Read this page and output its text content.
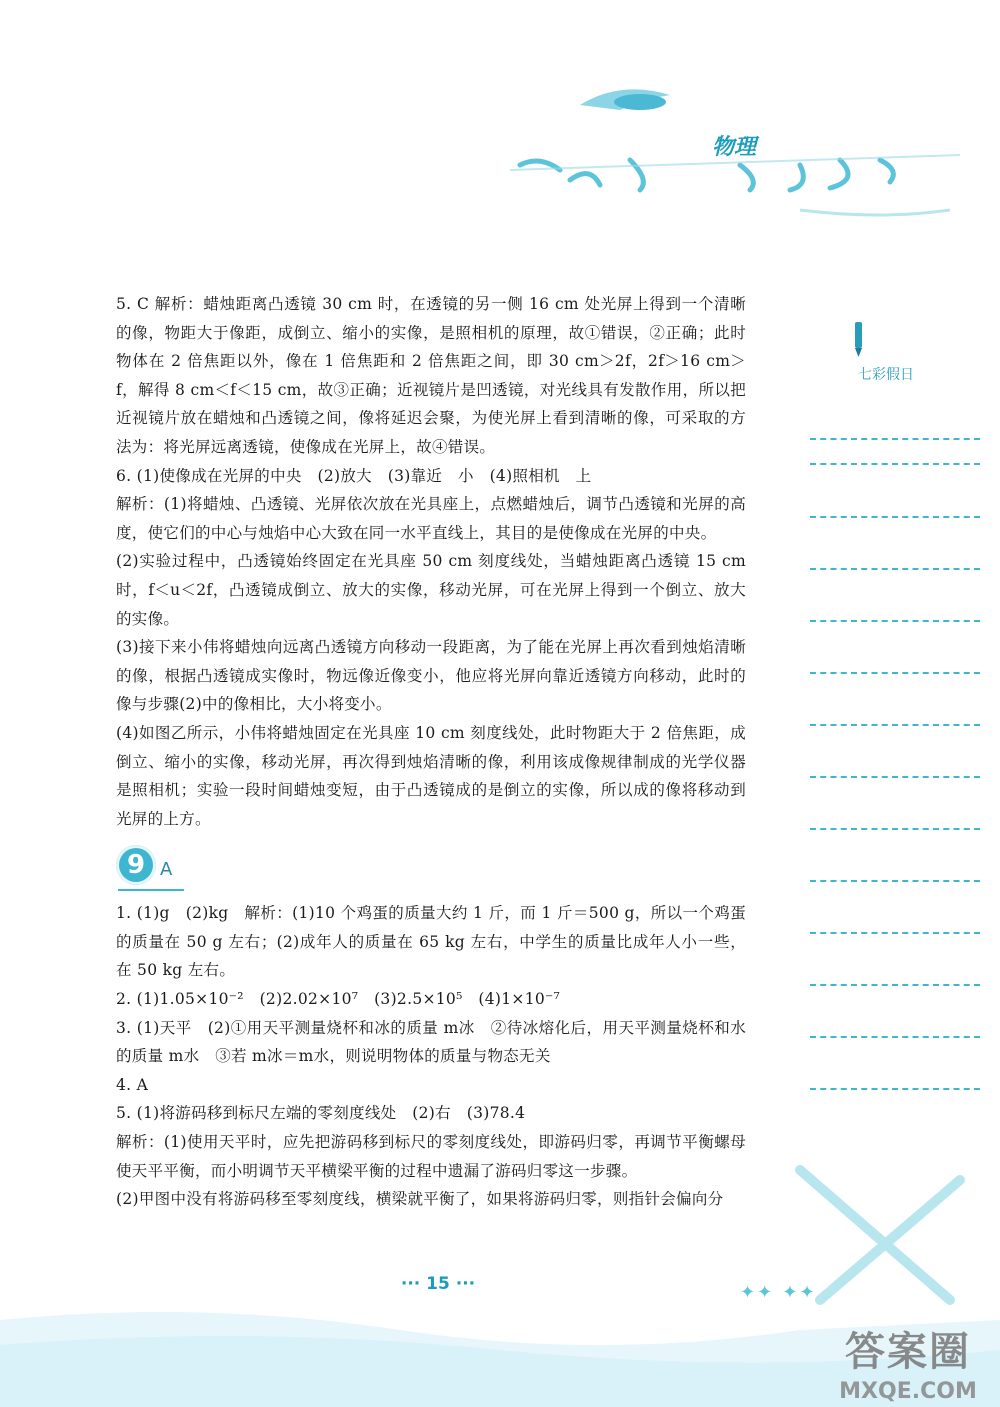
物理

5. C 解析：蜡烛距离凸透镜 30 cm 时，在透镜的另一侧 16 cm 处光屏上得到一个清晰的像，物距大于像距，成倒立、缩小的实像，是照相机的原理，故①错误，②正确；此时物体在 2 倍焦距以外，像在 1 倍焦距和 2 倍焦距之间，即 30 cm＞2f，2f＞16 cm＞f，解得 8 cm＜f＜15 cm，故③正确；近视镜片是凹透镜，对光线具有发散作用，所以把近视镜片放在蜡烛和凸透镜之间，像将延迟会聚，为使光屏上看到清晰的像，可采取的方法为：将光屏远离透镜，使像成在光屏上，故④错误。

6. (1)使像成在光屏的中央　(2)放大　(3)靠近　小　(4)照相机　上

解析：(1)将蜡烛、凸透镜、光屏依次放在光具座上，点燃蜡烛后，调节凸透镜和光屏的高度，使它们的中心与烛焰中心大致在同一水平直线上，其目的是使像成在光屏的中央。

(2)实验过程中，凸透镜始终固定在光具座 50 cm 刻度线处，当蜡烛距离凸透镜 15 cm 时，f＜u＜2f，凸透镜成倒立、放大的实像，移动光屏，可在光屏上得到一个倒立、放大的实像。

(3)接下来小伟将蜡烛向远离凸透镜方向移动一段距离，为了能在光屏上再次看到烛焰清晰的像，根据凸透镜成实像时，物远像近像变小，他应将光屏向靠近透镜方向移动，此时的像与步骤(2)中的像相比，大小将变小。

(4)如图乙所示，小伟将蜡烛固定在光具座 10 cm 刻度线处，此时物距大于 2 倍焦距，成倒立、缩小的实像，移动光屏，再次得到烛焰清晰的像，利用该成像规律制成的光学仪器是照相机；实验一段时间蜡烛变短，由于凸透镜成的是倒立的实像，所以成的像将移动到光屏的上方。

9 A

1. (1)g　(2)kg　解析：(1)10 个鸡蛋的质量大约 1 斤，而 1 斤＝500 g，所以一个鸡蛋的质量在 50 g 左右；(2)成年人的质量在 65 kg 左右，中学生的质量比成年人小一些，在 50 kg 左右。

2. (1)1.05×10⁻²　(2)2.02×10⁷　(3)2.5×10⁵　(4)1×10⁻⁷

3. (1)天平　(2)①用天平测量烧杯和冰的质量 m冰　②待冰熔化后，用天平测量烧杯和水的质量 m水　③若 m冰＝m水，则说明物体的质量与物态无关

4. A

5. (1)将游码移到标尺左端的零刻度线处　(2)右　(3)78.4

解析：(1)使用天平时，应先把游码移到标尺的零刻度线处，即游码归零，再调节平衡螺母使天平平衡，而小明调节天平横梁平衡的过程中遗漏了游码归零这一步骤。

(2)甲图中没有将游码移至零刻度线，横梁就平衡了，如果将游码归零，则指针会偏向分

七彩假日
✦✦ ✦✦
··· 15 ···
答案圈
MXQE.COM
